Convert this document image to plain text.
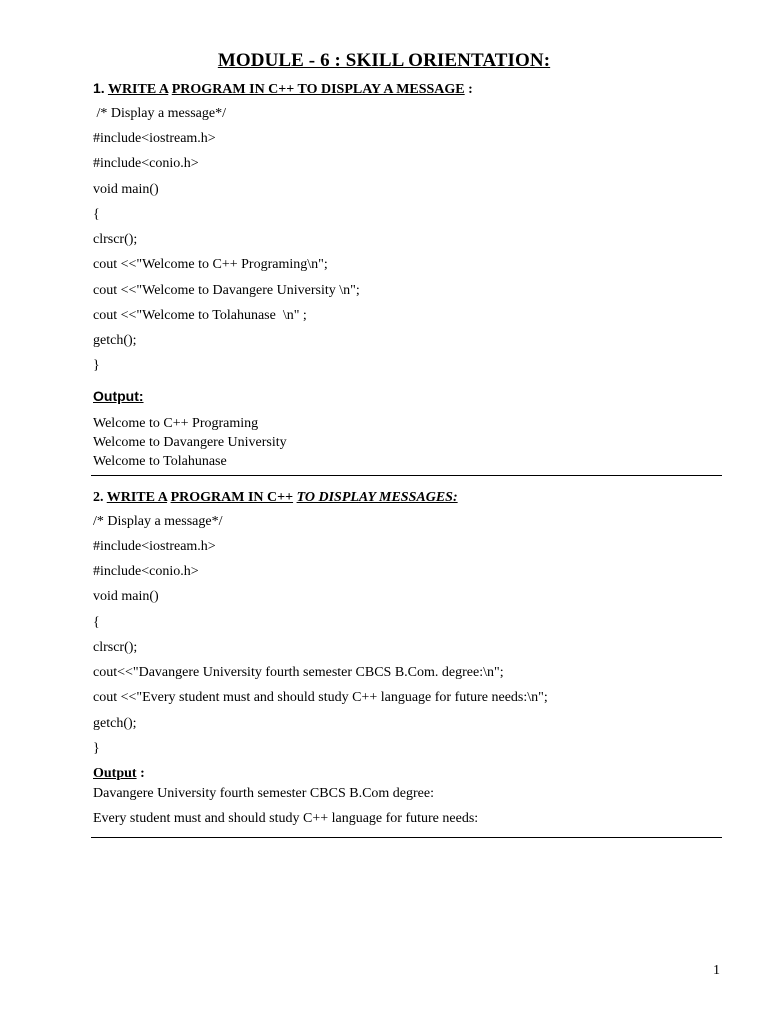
MODULE - 6 : SKILL ORIENTATION:
1. WRITE A PROGRAM IN C++ TO DISPLAY A MESSAGE :
/* Display a message*/
#include<iostream.h>
#include<conio.h>
void main()
{
clrscr();
cout <<"Welcome to C++ Programing\n";
cout <<"Welcome to Davangere University \n";
cout <<"Welcome to Tolahunase  \n" ;
getch();
}
Output:
Welcome to C++ Programing
Welcome to Davangere University
Welcome to Tolahunase
2. WRITE A PROGRAM IN C++ TO DISPLAY MESSAGES:
/* Display a message*/
#include<iostream.h>
#include<conio.h>
void main()
{
clrscr();
cout<<"Davangere University fourth semester CBCS B.Com. degree:\n";
cout <<"Every student must and should study C++ language for future needs:\n";
getch();
}
Output :
Davangere University fourth semester CBCS B.Com degree:
Every student must and should study C++ language for future needs:
1
